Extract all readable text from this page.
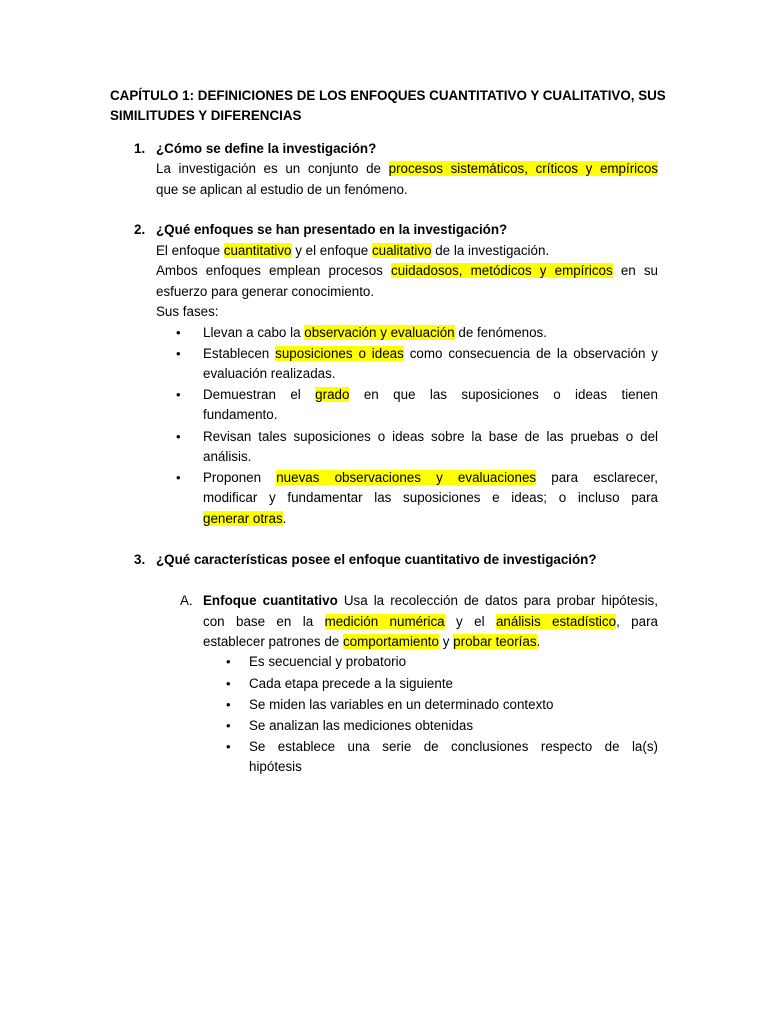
CAPÍTULO 1: DEFINICIONES DE LOS ENFOQUES CUANTITATIVO Y CUALITATIVO, SUS
SIMILITUDES Y DIFERENCIAS
1. ¿Cómo se define la investigación?
La investigación es un conjunto de procesos sistemáticos, críticos y empíricos
que se aplican al estudio de un fenómeno.
2. ¿Qué enfoques se han presentado en la investigación?
El enfoque cuantitativo y el enfoque cualitativo de la investigación.
Ambos enfoques emplean procesos cuidadosos, metódicos y empíricos en su
esfuerzo para generar conocimiento.
Sus fases:
• Llevan a cabo la observación y evaluación de fenómenos.
• Establecen suposiciones o ideas como consecuencia de la observación y
evaluación realizadas.
• Demuestran el grado en que las suposiciones o ideas tienen
fundamento.
• Revisan tales suposiciones o ideas sobre la base de las pruebas o del
análisis.
• Proponen nuevas observaciones y evaluaciones para esclarecer,
modificar y fundamentar las suposiciones e ideas; o incluso para
generar otras.
3. ¿Qué características posee el enfoque cuantitativo de investigación?
A. Enfoque cuantitativo Usa la recolección de datos para probar hipótesis,
con base en la medición numérica y el análisis estadístico, para
establecer patrones de comportamiento y probar teorías.
• Es secuencial y probatorio
• Cada etapa precede a la siguiente
• Se miden las variables en un determinado contexto
• Se analizan las mediciones obtenidas
• Se establece una serie de conclusiones respecto de la(s)
hipótesis
